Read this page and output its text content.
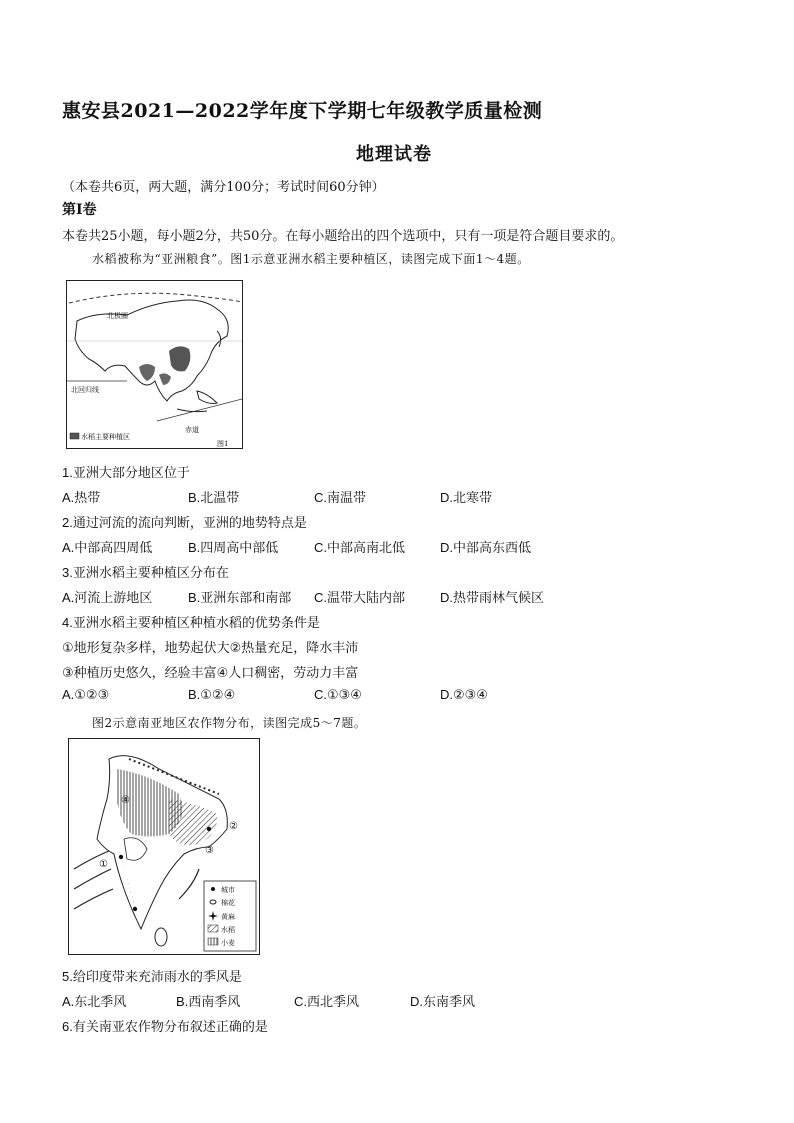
惠安县2021—2022学年度下学期七年级教学质量检测
地理试卷
（本卷共6页，两大题，满分100分；考试时间60分钟）
第Ⅰ卷
本卷共25小题，每小题2分，共50分。在每小题给出的四个选项中，只有一项是符合题目要求的。
水稻被称为“亚洲粮食”。图1示意亚洲水稻主要种植区，读图完成下面1～4题。
北极圈
北回归线
赤道
水稻主要种植区
图1
1.亚洲大部分地区位于
A.热带	B.北温带	C.南温带	D.北寒带
2.通过河流的流向判断，亚洲的地势特点是
A.中部高四周低	B.四周高中部低	C.中部高南北低	D.中部高东西低
3.亚洲水稻主要种植区分布在
A.河流上游地区	B.亚洲东部和南部 C.温带大陆内部	D.热带雨林气候区
4.亚洲水稻主要种植区种植水稻的优势条件是
①地形复杂多样，地势起伏大②热量充足，降水丰沛
③种植历史悠久，经验丰富④人口稠密，劳动力丰富
A.①②③	B.①②④	C.①③④	D.②③④
图2示意南亚地区农作物分布，读图完成5～7题。
城市
棉花
黄麻
水稻
小麦
①
②
③
④
5.给印度带来充沛雨水的季风是
A.东北季风	B.西南季风	C.西北季风	D.东南季风
6.有关南亚农作物分布叙述正确的是
